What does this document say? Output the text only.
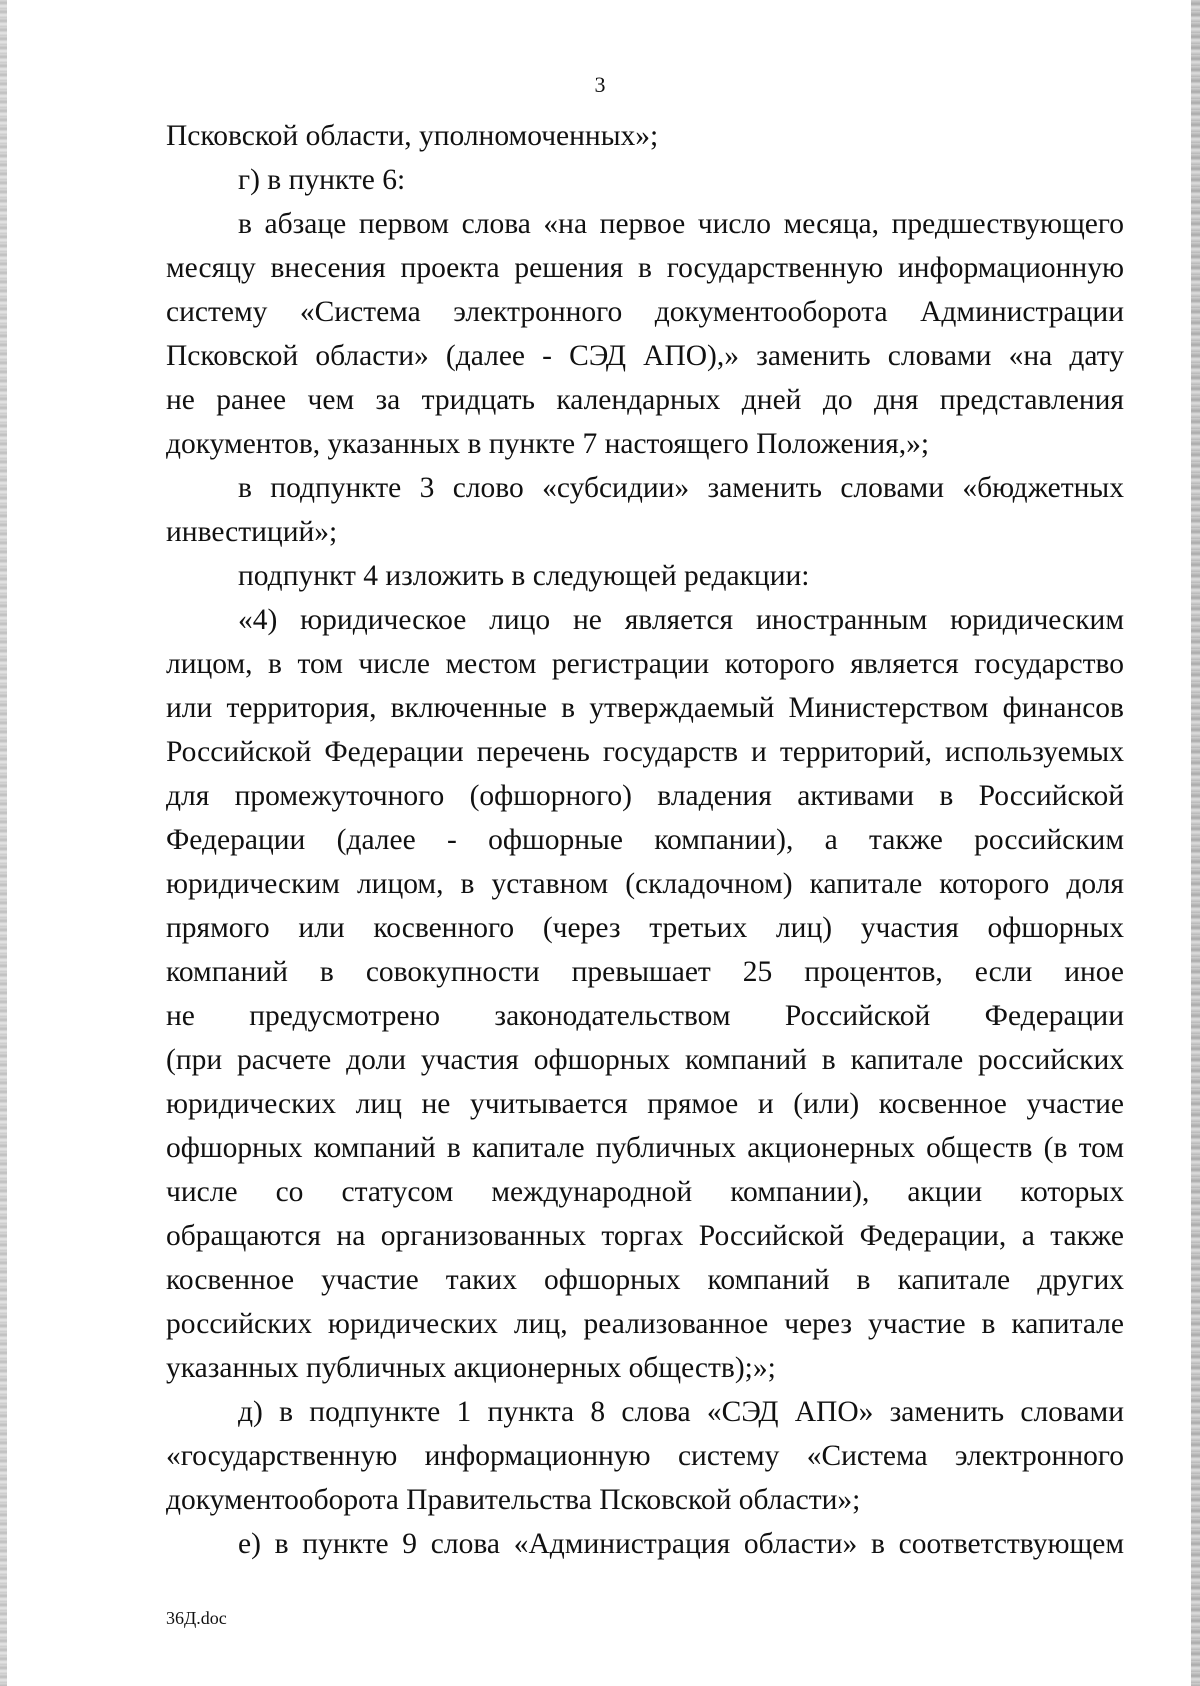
3

Псковской области, уполномоченных»;

г) в пункте 6:

в абзаце первом слова «на первое число месяца, предшествующего

месяцу внесения проекта решения в государственную информационную

систему «Система электронного документооборота Администрации

Псковской области» (далее - СЭД АПО),» заменить словами «на дату

не ранее чем за тридцать календарных дней до дня представления

документов, указанных в пункте 7 настоящего Положения,»;

в подпункте 3 слово «субсидии» заменить словами «бюджетных

инвестиций»;

подпункт 4 изложить в следующей редакции:

«4) юридическое лицо не является иностранным юридическим

лицом, в том числе местом регистрации которого является государство

или территория, включенные в утверждаемый Министерством финансов

Российской Федерации перечень государств и территорий, используемых

для промежуточного (офшорного) владения активами в Российской

Федерации (далее - офшорные компании), а также российским

юридическим лицом, в уставном (складочном) капитале которого доля

прямого или косвенного (через третьих лиц) участия офшорных

компаний в совокупности превышает 25 процентов, если иное

не предусмотрено законодательством Российской Федерации

(при расчете доли участия офшорных компаний в капитале российских

юридических лиц не учитывается прямое и (или) косвенное участие

офшорных компаний в капитале публичных акционерных обществ (в том

числе со статусом международной компании), акции которых

обращаются на организованных торгах Российской Федерации, а также

косвенное участие таких офшорных компаний в капитале других

российских юридических лиц, реализованное через участие в капитале

указанных публичных акционерных обществ);»;

д) в подпункте 1 пункта 8 слова «СЭД АПО» заменить словами

«государственную информационную систему «Система электронного

документооборота Правительства Псковской области»;

е) в пункте 9 слова «Администрация области» в соответствующем

36Д.doc
